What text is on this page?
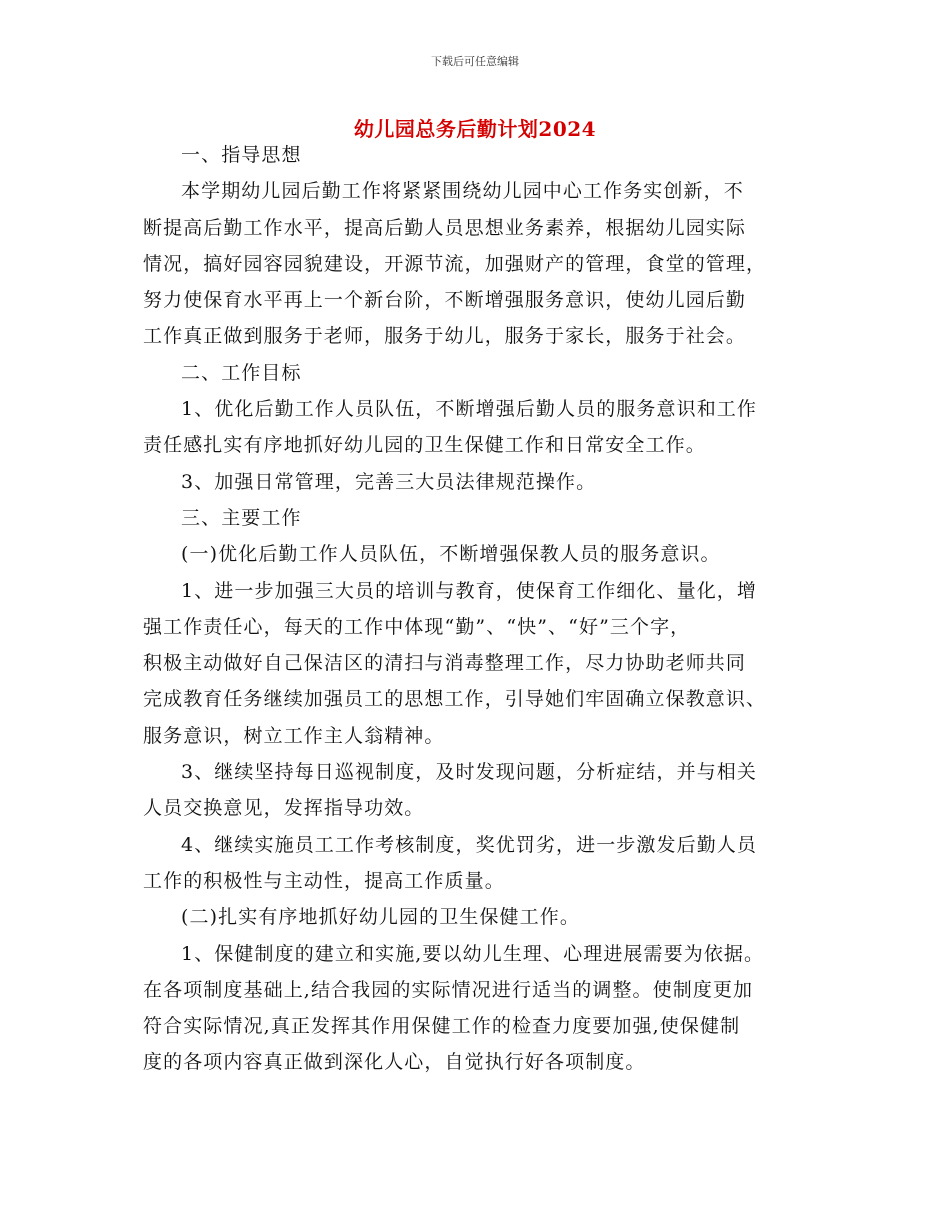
下载后可任意编辑
幼儿园总务后勤计划2024

一、指导思想

本学期幼儿园后勤工作将紧紧围绕幼儿园中心工作务实创新，不
断提高后勤工作水平，提高后勤人员思想业务素养，根据幼儿园实际
情况，搞好园容园貌建设，开源节流，加强财产的管理，食堂的管理，
努力使保育水平再上一个新台阶，不断增强服务意识，使幼儿园后勤
工作真正做到服务于老师，服务于幼儿，服务于家长，服务于社会。

二、工作目标

1、优化后勤工作人员队伍，不断增强后勤人员的服务意识和工作
责任感扎实有序地抓好幼儿园的卫生保健工作和日常安全工作。

3、加强日常管理，完善三大员法律规范操作。

三、主要工作

(一)优化后勤工作人员队伍，不断增强保教人员的服务意识。

1、进一步加强三大员的培训与教育，使保育工作细化、量化，增
强工作责任心，每天的工作中体现“勤”、“快”、“好”三个字，
积极主动做好自己保洁区的清扫与消毒整理工作，尽力协助老师共同
完成教育任务继续加强员工的思想工作，引导她们牢固确立保教意识、
服务意识，树立工作主人翁精神。

3、继续坚持每日巡视制度，及时发现问题，分析症结，并与相关
人员交换意见，发挥指导功效。

4、继续实施员工工作考核制度，奖优罚劣，进一步激发后勤人员
工作的积极性与主动性，提高工作质量。

(二)扎实有序地抓好幼儿园的卫生保健工作。

1、保健制度的建立和实施,要以幼儿生理、心理进展需要为依据。
在各项制度基础上,结合我园的实际情况进行适当的调整。使制度更加
符合实际情况,真正发挥其作用保健工作的检查力度要加强,使保健制
度的各项内容真正做到深化人心，自觉执行好各项制度。
